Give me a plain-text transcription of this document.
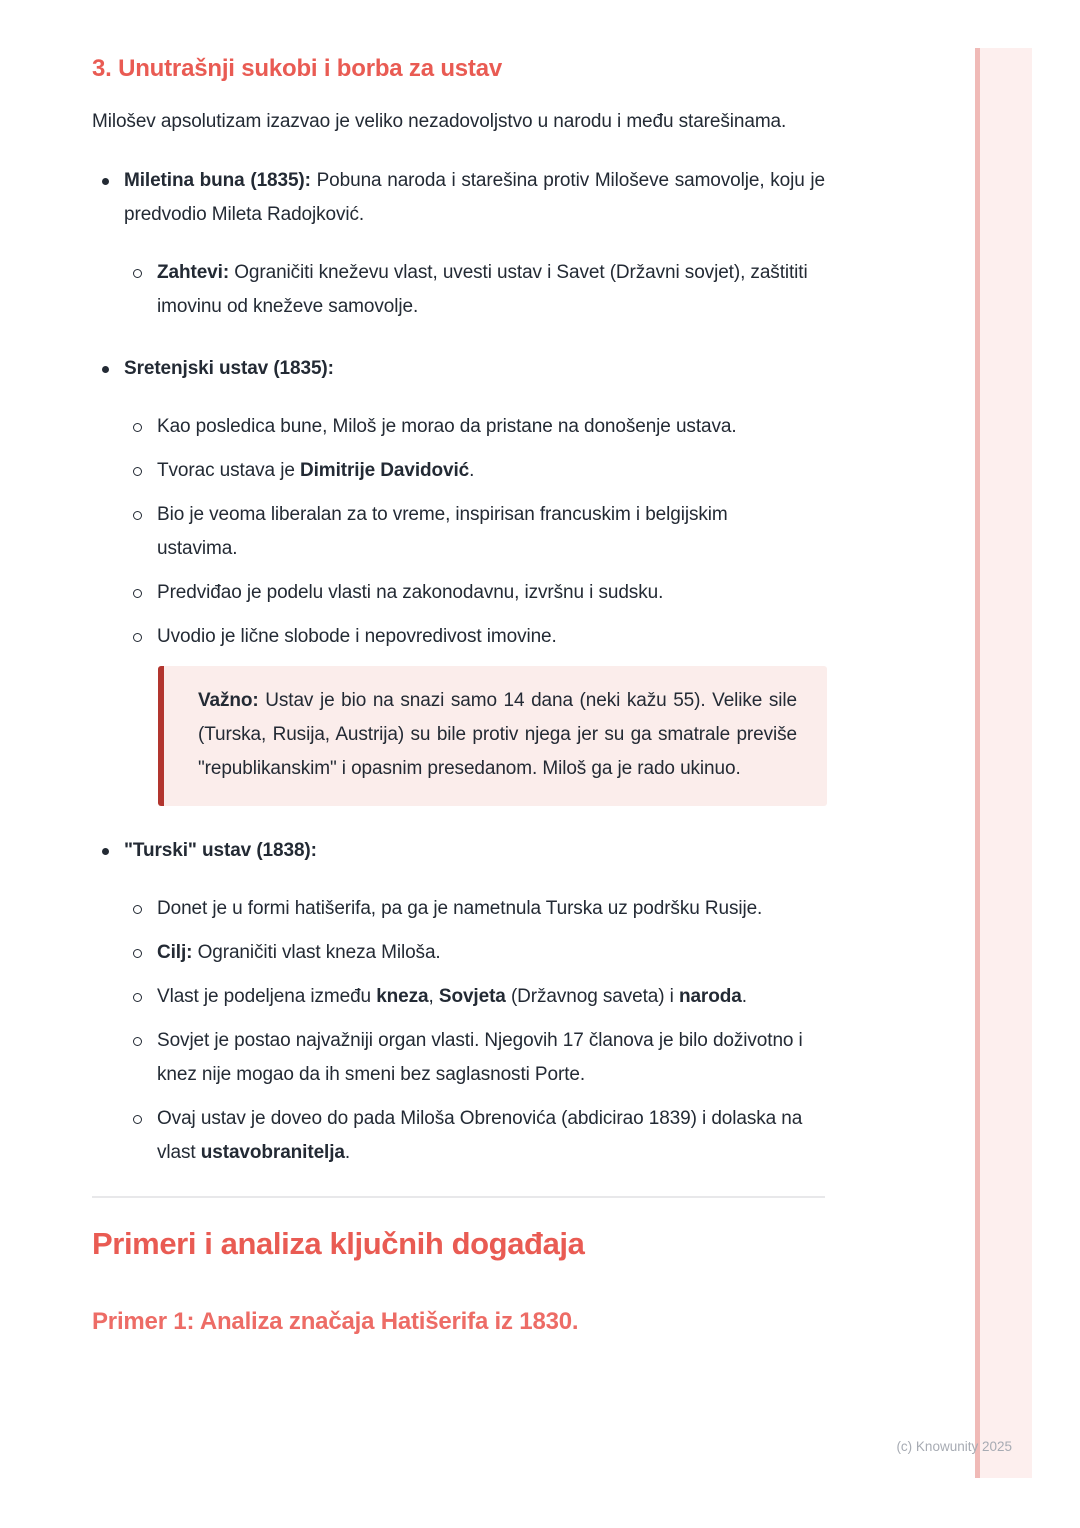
3. Unutrašnji sukobi i borba za ustav

Milošev apsolutizam izazvao je veliko nezadovoljstvo u narodu i među starešinama.

Miletina buna (1835): Pobuna naroda i starešina protiv Miloševe samovolje, koju je predvodio Mileta Radojković.
Zahtevi: Ograničiti kneževu vlast, uvesti ustav i Savet (Državni sovjet), zaštititi imovinu od kneževe samovolje.
Sretenjski ustav (1835):
Kao posledica bune, Miloš je morao da pristane na donošenje ustava.
Tvorac ustava je Dimitrije Davidović.
Bio je veoma liberalan za to vreme, inspirisan francuskim i belgijskim ustavima.
Predviđao je podelu vlasti na zakonodavnu, izvršnu i sudsku.
Uvodio je lične slobode i nepovredivost imovine.
Važno: Ustav je bio na snazi samo 14 dana (neki kažu 55). Velike sile (Turska, Rusija, Austrija) su bile protiv njega jer su ga smatrale previše "republikanskim" i opasnim presedanom. Miloš ga je rado ukinuo.
"Turski" ustav (1838):
Donet je u formi hatišerifa, pa ga je nametnula Turska uz podršku Rusije.
Cilj: Ograničiti vlast kneza Miloša.
Vlast je podeljena između kneza, Sovjeta (Državnog saveta) i naroda.
Sovjet je postao najvažniji organ vlasti. Njegovih 17 članova je bilo doživotno i knez nije mogao da ih smeni bez saglasnosti Porte.
Ovaj ustav je doveo do pada Miloša Obrenovića (abdicirao 1839) i dolaska na vlast ustavobranitelja.
Primeri i analiza ključnih događaja
Primer 1: Analiza značaja Hatišerifa iz 1830.
(c) Knowunity 2025
